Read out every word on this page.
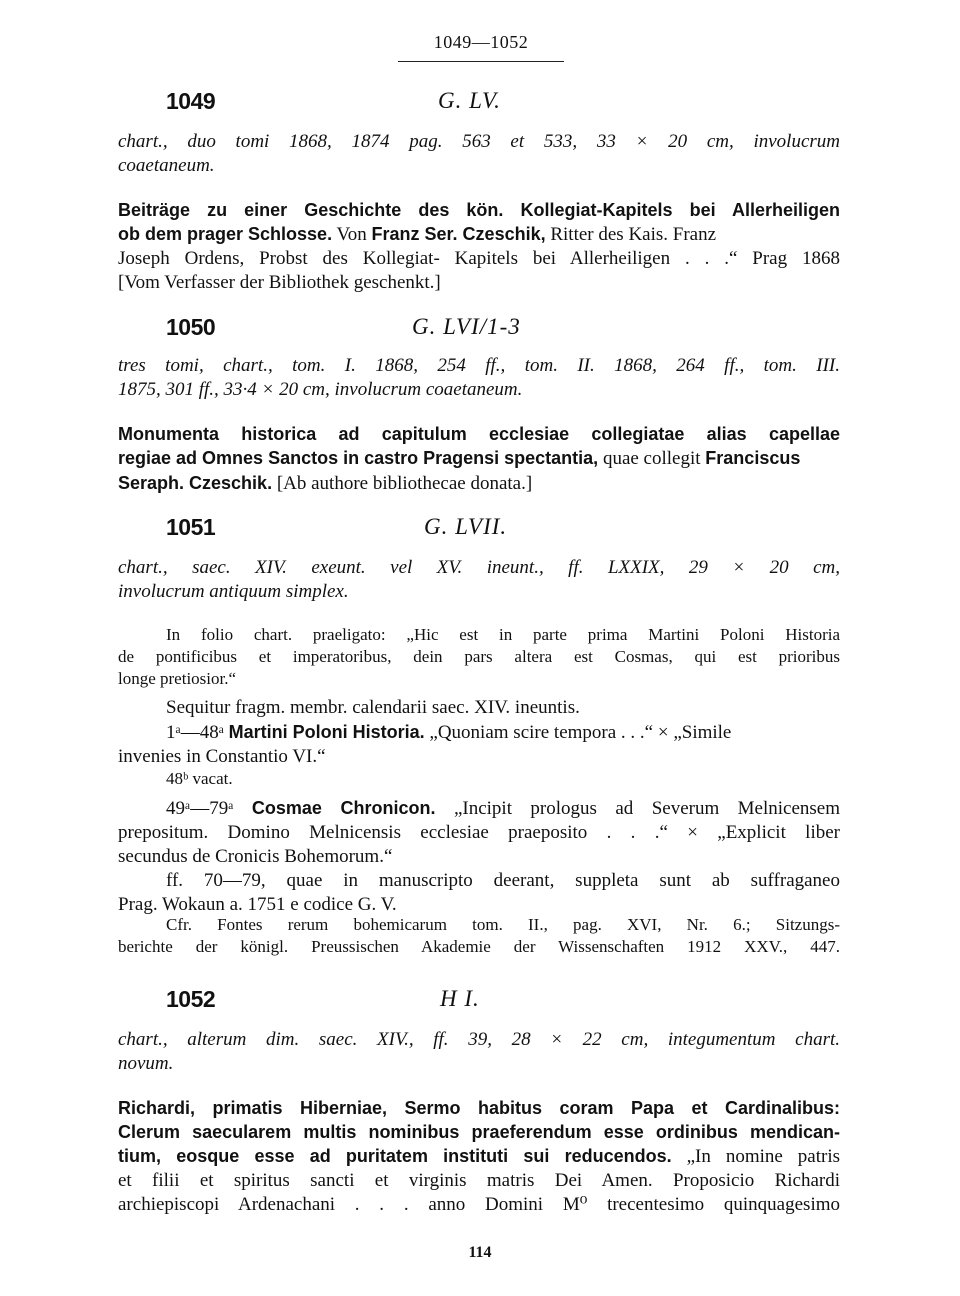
1049—1052
1049	G. LV.
chart., duo tomi 1868, 1874 pag. 563 et 533, 33 × 20 cm, involucrum
coaetaneum.
Beiträge zu einer Geschichte des kön. Kollegiat-Kapitels bei Allerheiligen
ob dem prager Schlosse. Von Franz Ser. Czeschik, Ritter des Kais. Franz
Joseph Ordens, Probst des Kollegiat- Kapitels bei Allerheiligen . . .“ Prag 1868
[Vom Verfasser der Bibliothek geschenkt.]
1050	G. LVI/1-3
tres tomi, chart., tom. I. 1868, 254 ff., tom. II. 1868, 264 ff., tom. III.
1875, 301 ff., 33·4 × 20 cm, involucrum coaetaneum.
Monumenta historica ad capitulum ecclesiae collegiatae alias capellae
regiae ad Omnes Sanctos in castro Pragensi spectantia, quae collegit Franciscus
Seraph. Czeschik. [Ab authore bibliothecae donata.]
1051	G. LVII.
chart., saec. XIV. exeunt. vel XV. ineunt., ff. LXXIX, 29 × 20 cm,
involucrum antiquum simplex.
In folio chart. praeligato: „Hic est in parte prima Martini Poloni Historia
de pontificibus et imperatoribus, dein pars altera est Cosmas, qui est prioribus
longe pretiosior.“
Sequitur fragm. membr. calendarii saec. XIV. ineuntis.
1ᵃ—48ᵃ Martini Poloni Historia. „Quoniam scire tempora . . .“ × „Simile
invenies in Constantio VI.“
48ᵇ vacat.
49ᵃ—79ᵃ Cosmae Chronicon. „Incipit prologus ad Severum Melnicensem
prepositum. Domino Melnicensis ecclesiae praeposito . . .“ × „Explicit liber
secundus de Cronicis Bohemorum.“
ff. 70—79, quae in manuscripto deerant, suppleta sunt ab suffraganeo
Prag. Wokaun a. 1751 e codice G. V.
Cfr. Fontes rerum bohemicarum tom. II., pag. XVI, Nr. 6.; Sitzungs-
berichte der königl. Preussischen Akademie der Wissenschaften 1912 XXV., 447.
1052	H I.
chart., alterum dim. saec. XIV., ff. 39, 28 × 22 cm, integumentum chart.
novum.
Richardi, primatis Hiberniae, Sermo habitus coram Papa et Cardinalibus:
Clerum saecularem multis nominibus praeferendum esse ordinibus mendican-
tium, eosque esse ad puritatem instituti sui reducendos. „In nomine patris
et filii et spiritus sancti et virginis matris Dei Amen. Proposicio Richardi
archiepiscopi Ardenachani . . . anno Domini M⁰ trecentesimo quinquagesimo
114
